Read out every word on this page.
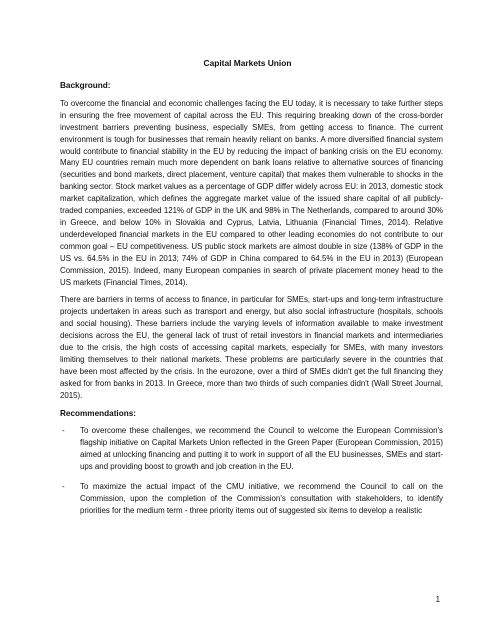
Capital Markets Union
Background:

To overcome the financial and economic challenges facing the EU today, it is necessary to take further steps in ensuring the free movement of capital across the EU. This requiring breaking down of the cross-border investment barriers preventing business, especially SMEs, from getting access to finance. The current environment is tough for businesses that remain heavily reliant on banks. A more diversified financial system would contribute to financial stability in the EU by reducing the impact of banking crisis on the EU economy. Many EU countries remain much more dependent on bank loans relative to alternative sources of financing (securities and bond markets, direct placement, venture capital) that makes them vulnerable to shocks in the banking sector. Stock market values as a percentage of GDP differ widely across EU: in 2013, domestic stock market capitalization, which defines the aggregate market value of the issued share capital of all publicly-traded companies, exceeded 121% of GDP in the UK and 98% in The Netherlands, compared to around 30% in Greece, and below 10% in Slovakia and Cyprus, Latvia, Lithuania (Financial Times, 2014). Relative underdeveloped financial markets in the EU compared to other leading economies do not contribute to our common goal – EU competitiveness. US public stock markets are almost double in size (138% of GDP in the US vs. 64.5% in the EU in 2013; 74% of GDP in China compared to 64.5% in the EU in 2013) (European Commission, 2015). Indeed, many European companies in search of private placement money head to the US markets (Financial Times, 2014).

There are barriers in terms of access to finance, in particular for SMEs, start-ups and long-term infrastructure projects undertaken in areas such as transport and energy, but also social infrastructure (hospitals, schools and social housing). These barriers include the varying levels of information available to make investment decisions across the EU, the general lack of trust of retail investors in financial markets and intermediaries due to the crisis, the high costs of accessing capital markets, especially for SMEs, with many investors limiting themselves to their national markets. These problems are particularly severe in the countries that have been most affected by the crisis. In the eurozone, over a third of SMEs didn't get the full financing they asked for from banks in 2013. In Greece, more than two thirds of such companies didn't (Wall Street Journal, 2015).

Recommendations:
- To overcome these challenges, we recommend the Council to welcome the European Commission's flagship initiative on Capital Markets Union reflected in the Green Paper (European Commission, 2015) aimed at unlocking financing and putting it to work in support of all the EU businesses, SMEs and start-ups and providing boost to growth and job creation in the EU.
- To maximize the actual impact of the CMU initiative, we recommend the Council to call on the Commission, upon the completion of the Commission's consultation with stakeholders, to identify priorities for the medium term - three priority items out of suggested six items to develop a realistic
1
